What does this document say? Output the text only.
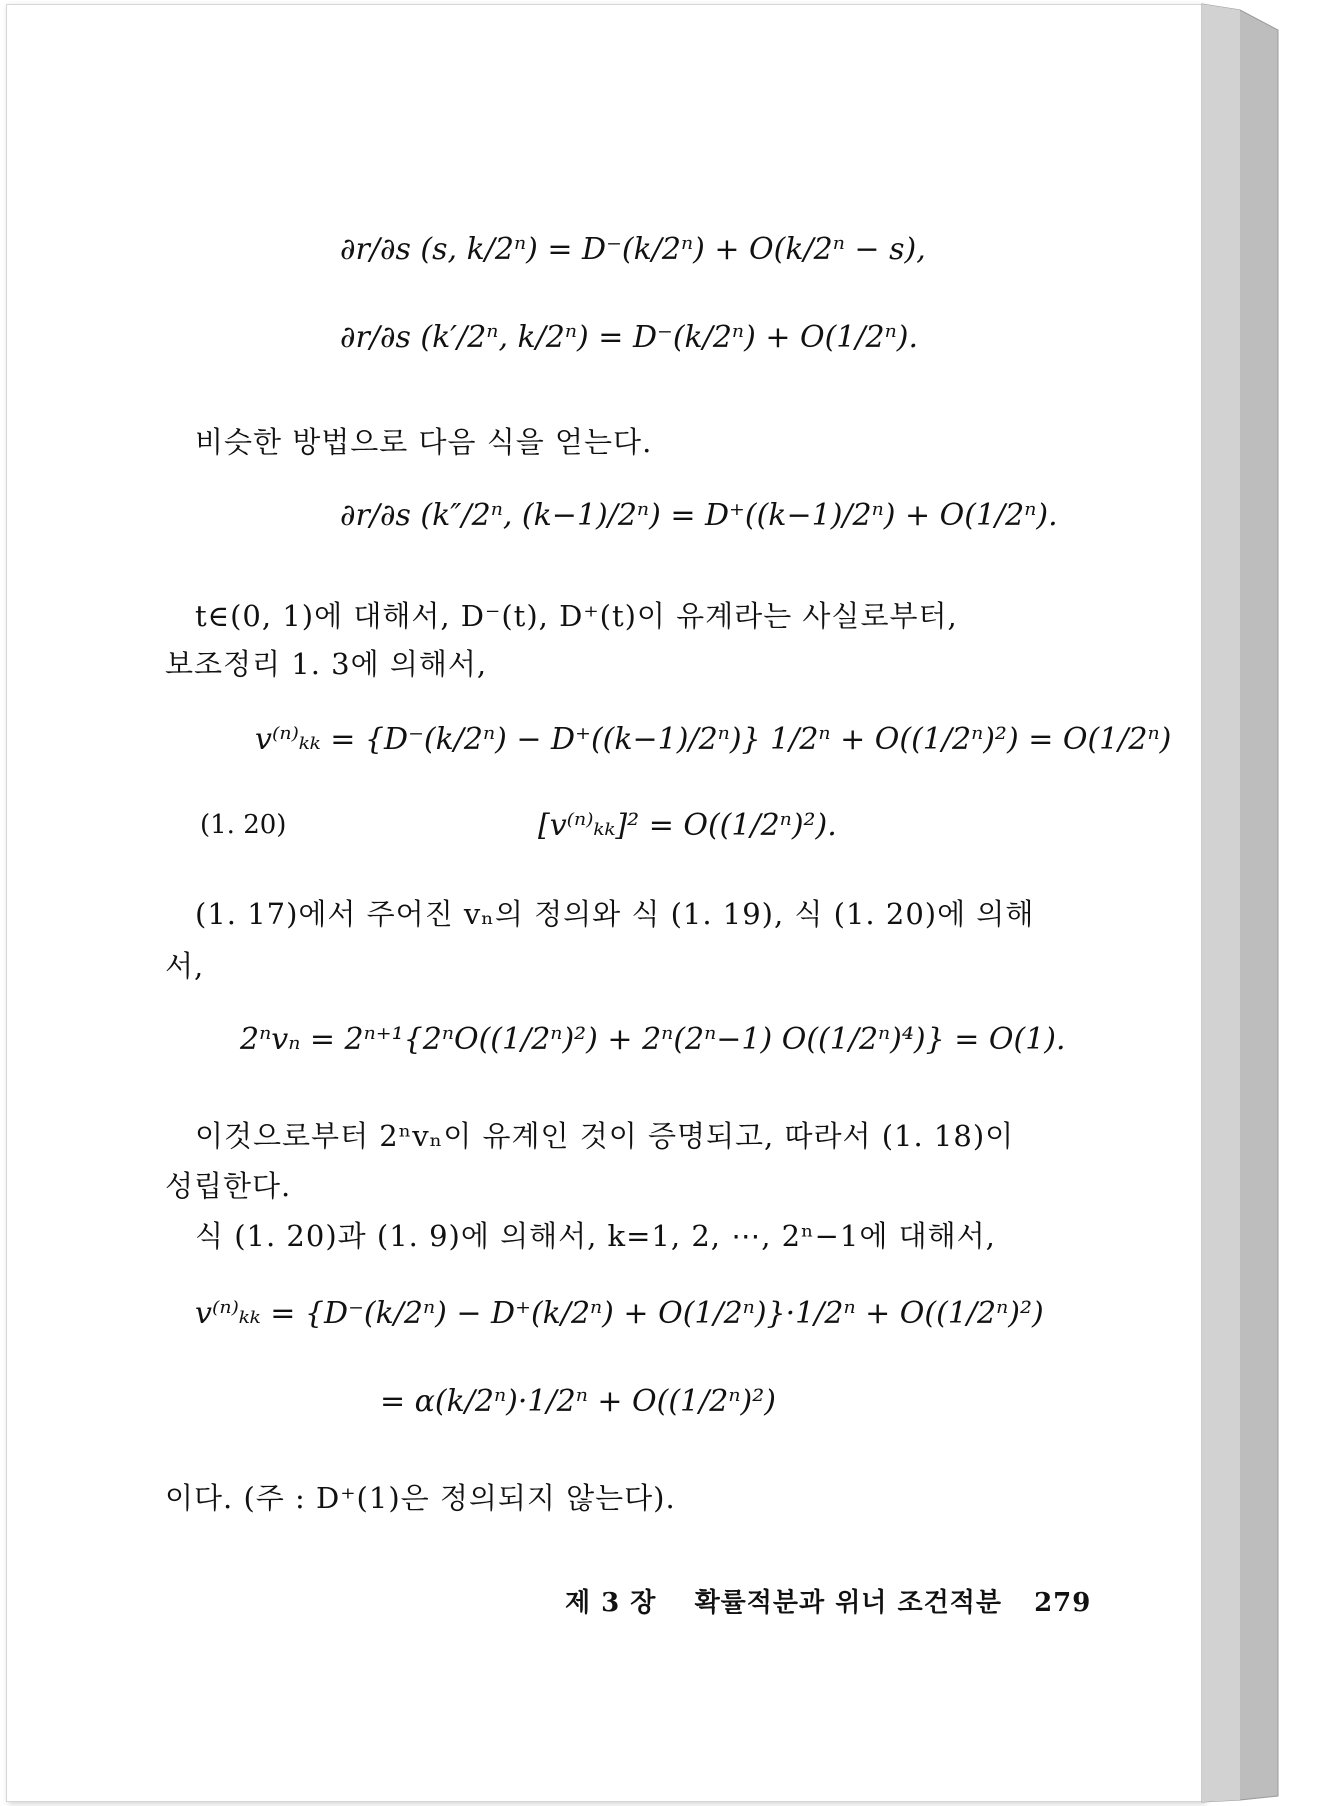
∂r/∂s (s, k/2ⁿ) = D⁻(k/2ⁿ) + O(k/2ⁿ − s),
∂r/∂s (k′/2ⁿ, k/2ⁿ) = D⁻(k/2ⁿ) + O(1/2ⁿ).
비슷한 방법으로 다음 식을 얻는다.
∂r/∂s (k″/2ⁿ, (k−1)/2ⁿ) = D⁺((k−1)/2ⁿ) + O(1/2ⁿ).
t∈(0, 1)에 대해서, D⁻(t), D⁺(t)이 유계라는 사실로부터,
보조정리 1. 3에 의해서,
v⁽ⁿ⁾ₖₖ = {D⁻(k/2ⁿ) − D⁺((k−1)/2ⁿ)} 1/2ⁿ + O((1/2ⁿ)²) = O(1/2ⁿ)
(1. 20)	[v⁽ⁿ⁾ₖₖ]² = O((1/2ⁿ)²).
(1. 17)에서 주어진 vₙ의 정의와 식 (1. 19), 식 (1. 20)에 의해
서,
2ⁿvₙ = 2ⁿ⁺¹{2ⁿO((1/2ⁿ)²) + 2ⁿ(2ⁿ−1) O((1/2ⁿ)⁴)} = O(1).
이것으로부터 2ⁿvₙ이 유계인 것이 증명되고, 따라서 (1. 18)이
성립한다.
식 (1. 20)과 (1. 9)에 의해서, k=1, 2, ⋯, 2ⁿ−1에 대해서,
v⁽ⁿ⁾ₖₖ = {D⁻(k/2ⁿ) − D⁺(k/2ⁿ) + O(1/2ⁿ)}·1/2ⁿ + O((1/2ⁿ)²)
= α(k/2ⁿ)·1/2ⁿ + O((1/2ⁿ)²)
이다. (주 : D⁺(1)은 정의되지 않는다).
제 3 장 확률적분과 위너 조건적분 279
